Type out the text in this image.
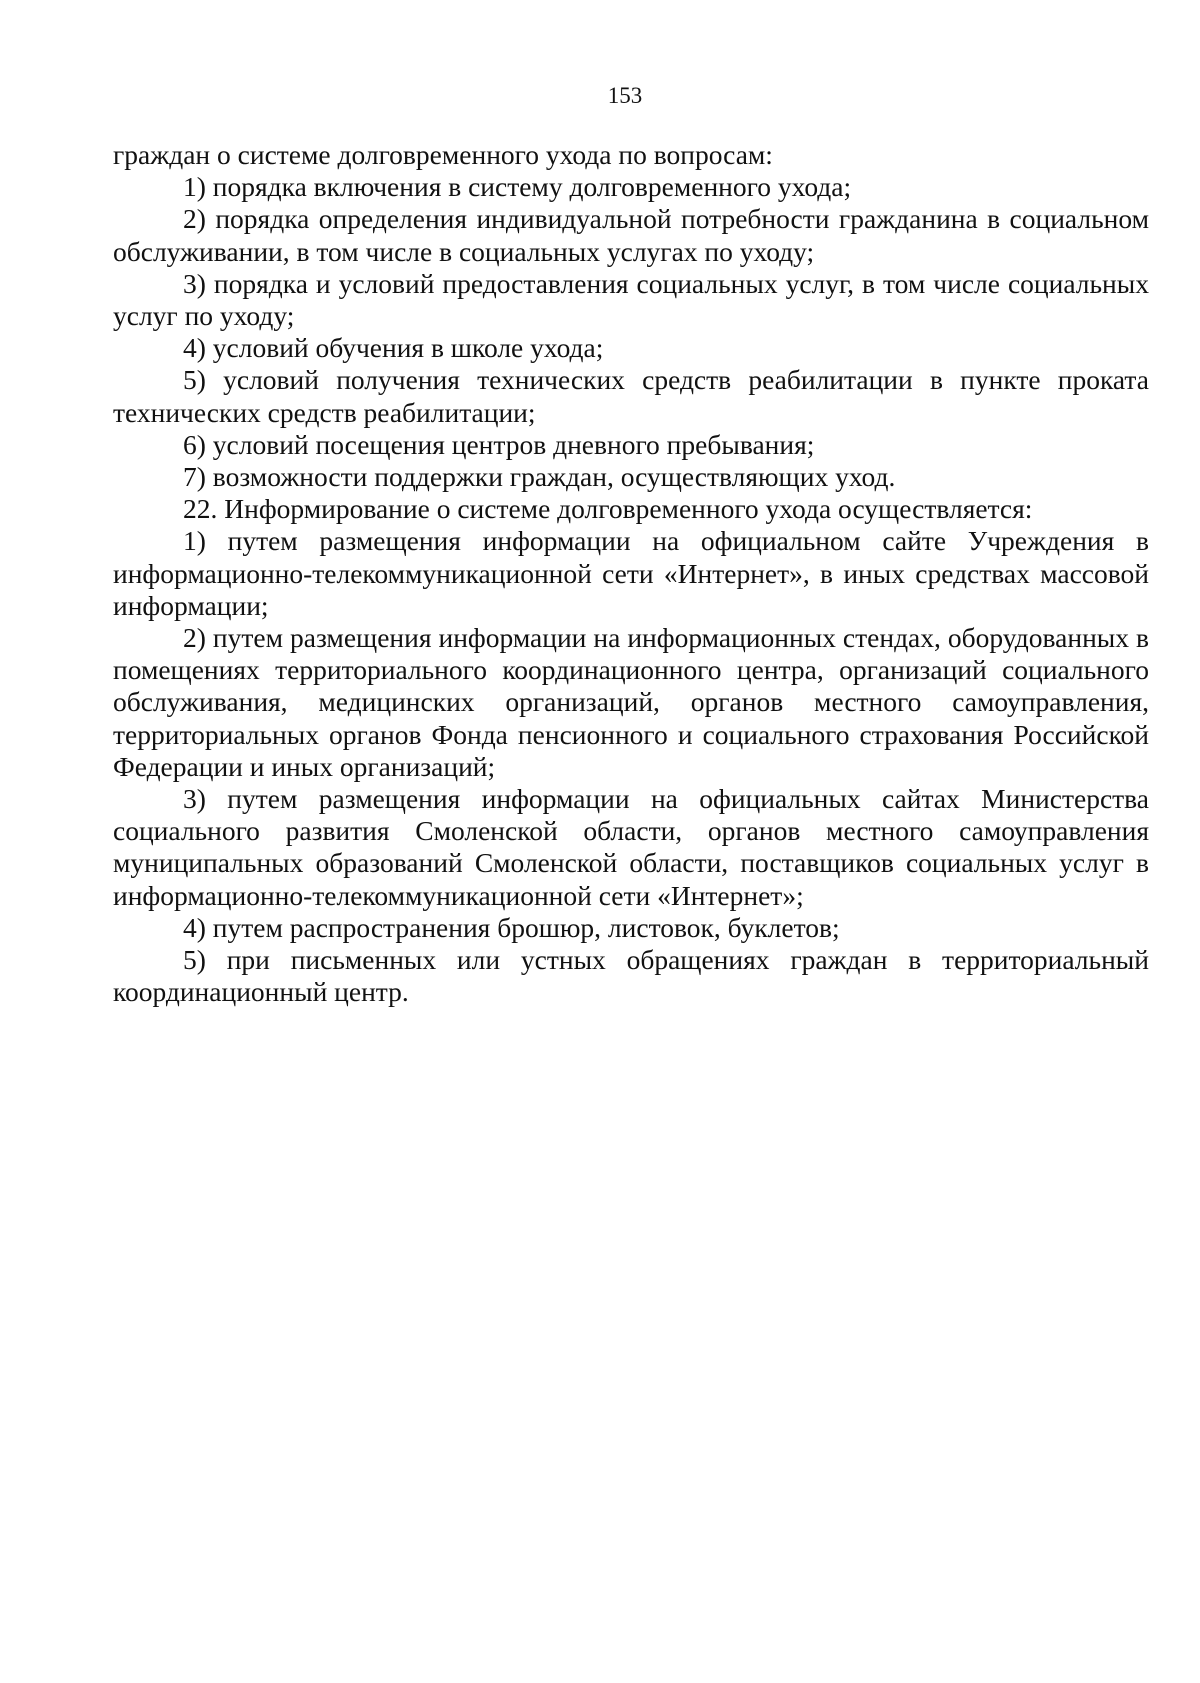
153

граждан о системе долговременного ухода по вопросам:

1) порядка включения в систему долговременного ухода;

2) порядка определения индивидуальной потребности гражданина в социальном обслуживании, в том числе в социальных услугах по уходу;

3) порядка и условий предоставления социальных услуг, в том числе социальных услуг по уходу;

4) условий обучения в школе ухода;

5) условий получения технических средств реабилитации в пункте проката технических средств реабилитации;

6) условий посещения центров дневного пребывания;

7) возможности поддержки граждан, осуществляющих уход.

22. Информирование о системе долговременного ухода осуществляется:

1) путем размещения информации на официальном сайте Учреждения в информационно-телекоммуникационной сети «Интернет», в иных средствах массовой информации;

2) путем размещения информации на информационных стендах, оборудованных в помещениях территориального координационного центра, организаций социального обслуживания, медицинских организаций, органов местного самоуправления, территориальных органов Фонда пенсионного и социального страхования Российской Федерации и иных организаций;

3) путем размещения информации на официальных сайтах Министерства социального развития Смоленской области, органов местного самоуправления муниципальных образований Смоленской области, поставщиков социальных услуг в информационно-телекоммуникационной сети «Интернет»;

4) путем распространения брошюр, листовок, буклетов;

5) при письменных или устных обращениях граждан в территориальный координационный центр.
